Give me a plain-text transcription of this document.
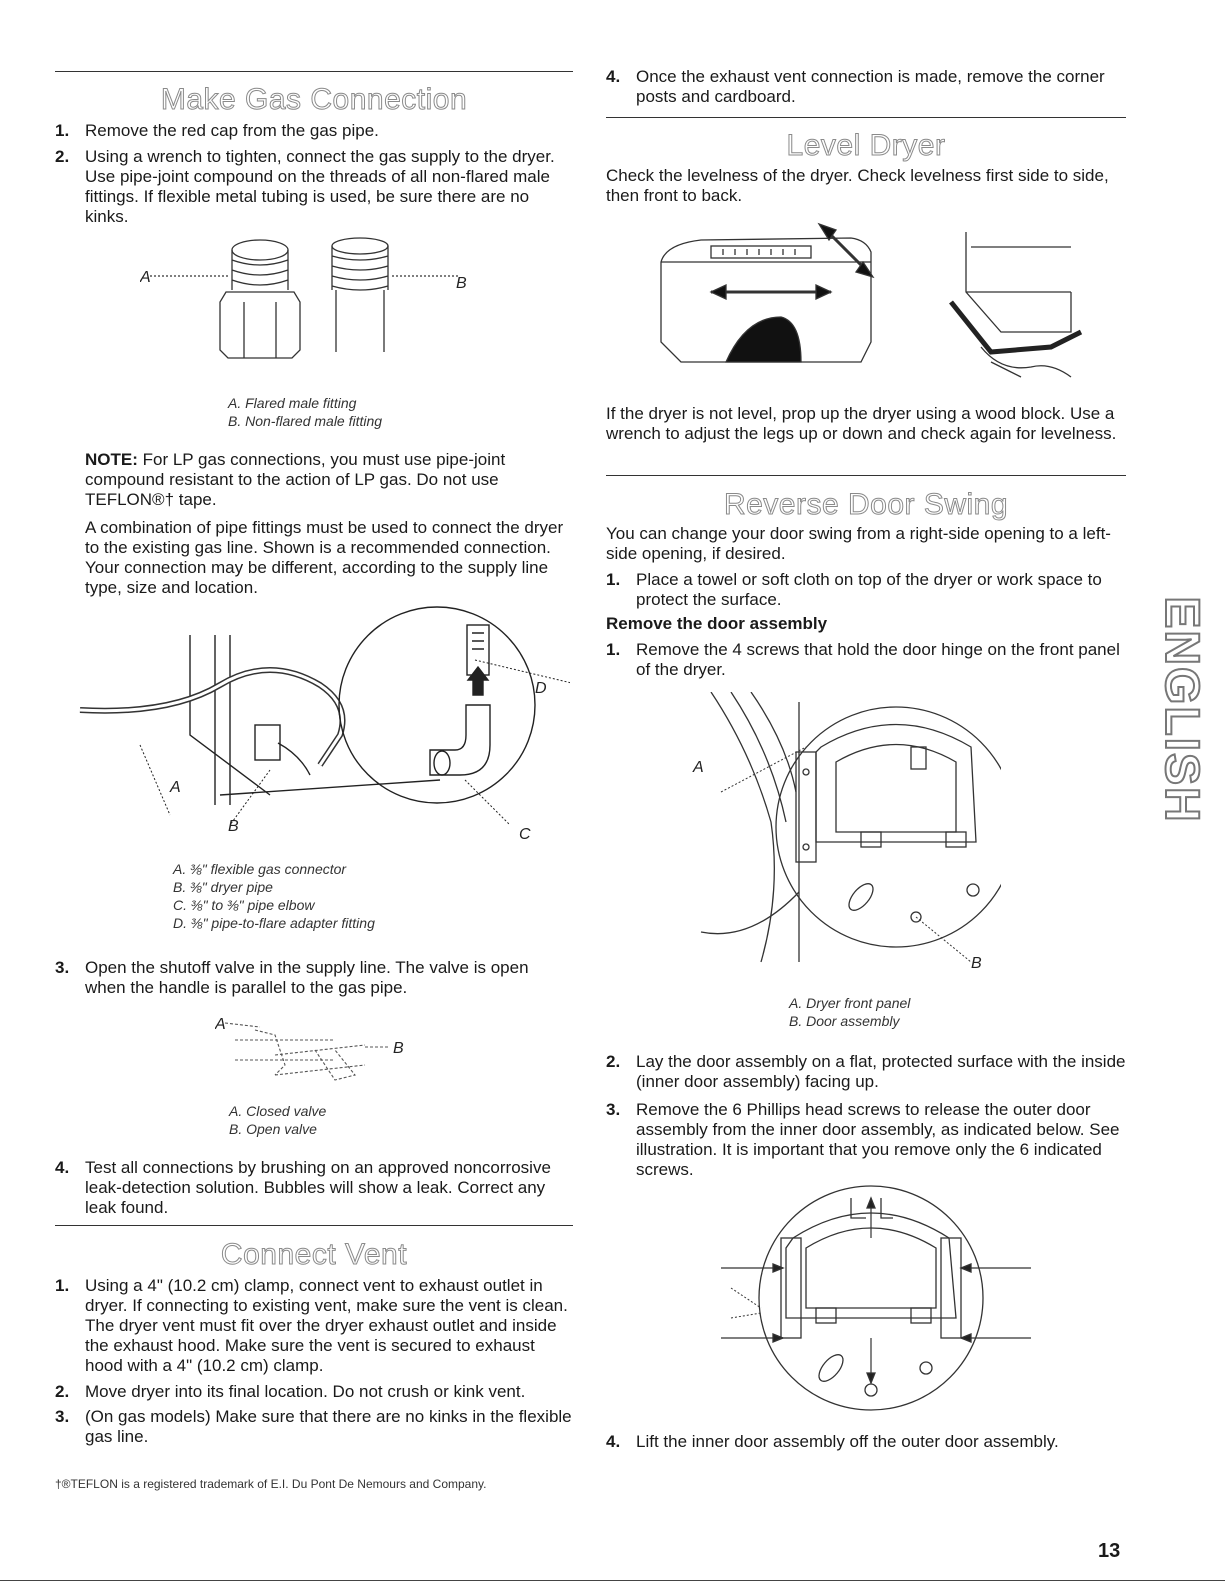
Make Gas Connection
1. Remove the red cap from the gas pipe.
2. Using a wrench to tighten, connect the gas supply to the dryer. Use pipe-joint compound on the threads of all non-flared male fittings. If flexible metal tubing is used, be sure there are no kinks.
A	B
A. Flared male fitting
B. Non-flared male fitting
NOTE: For LP gas connections, you must use pipe-joint compound resistant to the action of LP gas. Do not use TEFLON®† tape.
A combination of pipe fittings must be used to connect the dryer to the existing gas line. Shown is a recommended connection. Your connection may be different, according to the supply line type, size and location.
A
B	C
D
A. ⅜" flexible gas connector
B. ⅜" dryer pipe
C. ⅜" to ⅜" pipe elbow
D. ⅜" pipe-to-flare adapter fitting
3. Open the shutoff valve in the supply line. The valve is open when the handle is parallel to the gas pipe.
A
B
A. Closed valve
B. Open valve
4. Test all connections by brushing on an approved noncorrosive leak-detection solution. Bubbles will show a leak. Correct any leak found.
Connect Vent
1. Using a 4" (10.2 cm) clamp, connect vent to exhaust outlet in dryer. If connecting to existing vent, make sure the vent is clean. The dryer vent must fit over the dryer exhaust outlet and inside the exhaust hood. Make sure the vent is secured to exhaust hood with a 4" (10.2 cm) clamp.
2. Move dryer into its final location. Do not crush or kink vent.
3. (On gas models) Make sure that there are no kinks in the flexible gas line.
†®TEFLON is a registered trademark of E.I. Du Pont De Nemours and Company.
4. Once the exhaust vent connection is made, remove the corner posts and cardboard.
Level Dryer
Check the levelness of the dryer. Check levelness first side to side, then front to back.
If the dryer is not level, prop up the dryer using a wood block. Use a wrench to adjust the legs up or down and check again for levelness.
Reverse Door Swing
You can change your door swing from a right-side opening to a left-side opening, if desired.
1. Place a towel or soft cloth on top of the dryer or work space to protect the surface.
Remove the door assembly
1. Remove the 4 screws that hold the door hinge on the front panel of the dryer.
A
B
A. Dryer front panel
B. Door assembly
2. Lay the door assembly on a flat, protected surface with the inside (inner door assembly) facing up.
3. Remove the 6 Phillips head screws to release the outer door assembly from the inner door assembly, as indicated below. See illustration. It is important that you remove only the 6 indicated screws.
4. Lift the inner door assembly off the outer door assembly.
ENGLISH
13
